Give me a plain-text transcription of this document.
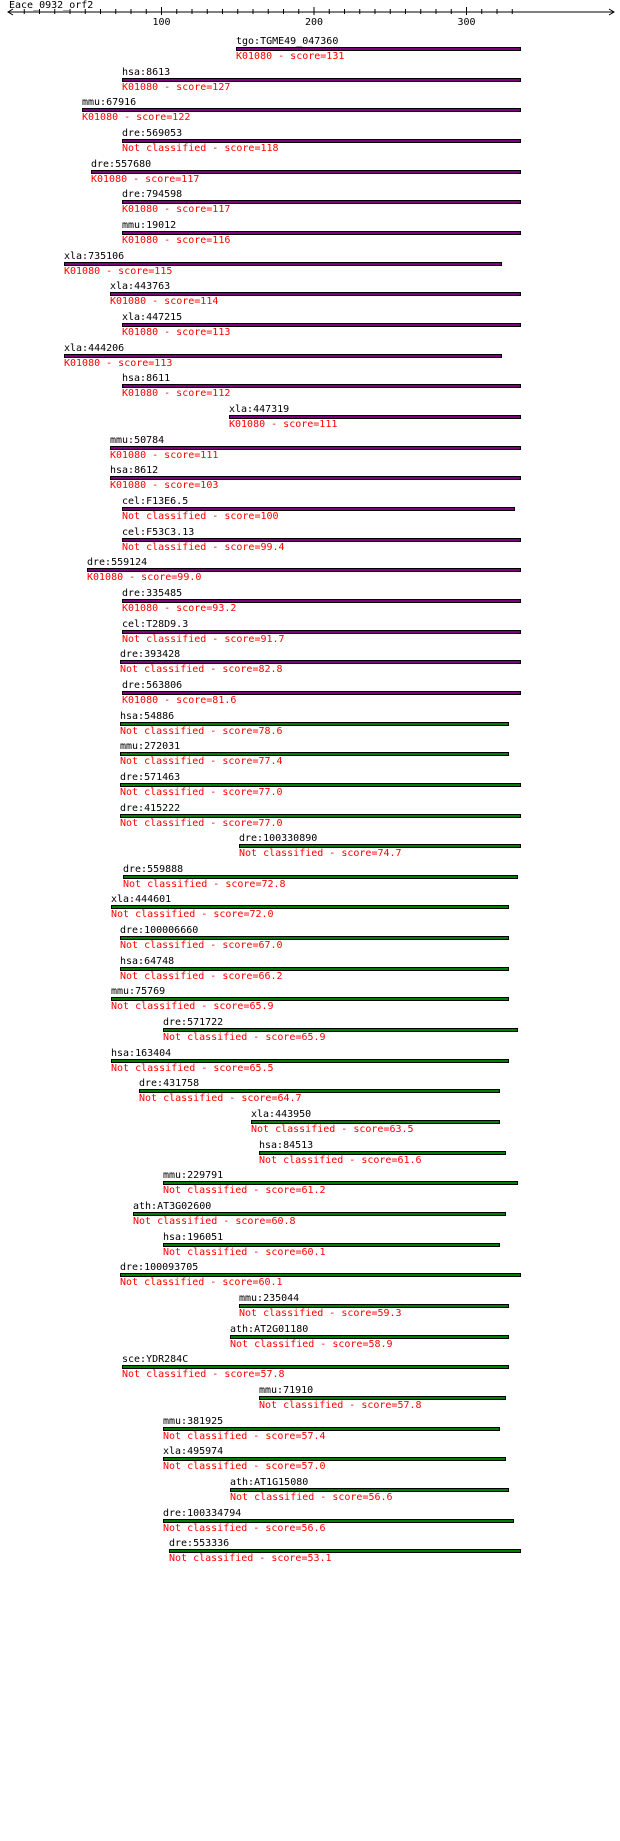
Eace_0932_orf2
tgo:TGME49_047360
K01080 - score=131
hsa:8613
K01080 - score=127
mmu:67916
K01080 - score=122
dre:569053
Not classified - score=118
dre:557680
K01080 - score=117
dre:794598
K01080 - score=117
mmu:19012
K01080 - score=116
xla:735106
K01080 - score=115
xla:443763
K01080 - score=114
xla:447215
K01080 - score=113
xla:444206
K01080 - score=113
hsa:8611
K01080 - score=112
xla:447319
K01080 - score=111
mmu:50784
K01080 - score=111
hsa:8612
K01080 - score=103
cel:F13E6.5
Not classified - score=100
cel:F53C3.13
Not classified - score=99.4
dre:559124
K01080 - score=99.0
dre:335485
K01080 - score=93.2
cel:T28D9.3
Not classified - score=91.7
dre:393428
Not classified - score=82.8
dre:563806
K01080 - score=81.6
hsa:54886
Not classified - score=78.6
mmu:272031
Not classified - score=77.4
dre:571463
Not classified - score=77.0
dre:415222
Not classified - score=77.0
dre:100330890
Not classified - score=74.7
dre:559888
Not classified - score=72.8
xla:444601
Not classified - score=72.0
dre:100006660
Not classified - score=67.0
hsa:64748
Not classified - score=66.2
mmu:75769
Not classified - score=65.9
dre:571722
Not classified - score=65.9
hsa:163404
Not classified - score=65.5
dre:431758
Not classified - score=64.7
xla:443950
Not classified - score=63.5
hsa:84513
Not classified - score=61.6
mmu:229791
Not classified - score=61.2
ath:AT3G02600
Not classified - score=60.8
hsa:196051
Not classified - score=60.1
dre:100093705
Not classified - score=60.1
mmu:235044
Not classified - score=59.3
ath:AT2G01180
Not classified - score=58.9
sce:YDR284C
Not classified - score=57.8
mmu:71910
Not classified - score=57.8
mmu:381925
Not classified - score=57.4
xla:495974
Not classified - score=57.0
ath:AT1G15080
Not classified - score=56.6
dre:100334794
Not classified - score=56.6
dre:553336
Not classified - score=53.1
100	200	300
